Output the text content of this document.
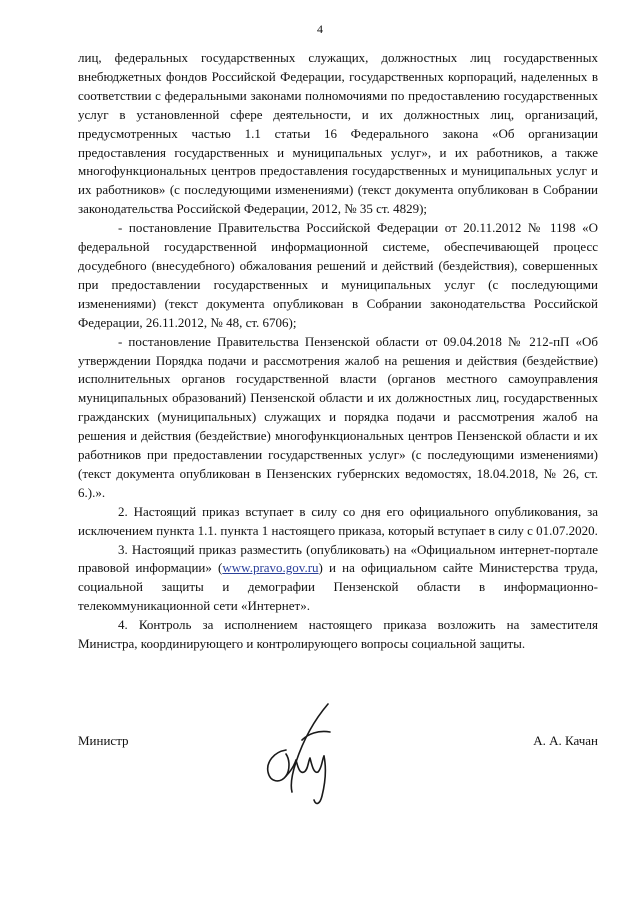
4

лиц, федеральных государственных служащих, должностных лиц государственных внебюджетных фондов Российской Федерации, государственных корпораций, наделенных в соответствии с федеральными законами полномочиями по предоставлению государственных услуг в установленной сфере деятельности, и их должностных лиц, организаций, предусмотренных частью 1.1 статьи 16 Федерального закона «Об организации предоставления государственных и муниципальных услуг», и их работников, а также многофункциональных центров предоставления государственных и муниципальных услуг и их работников» (с последующими изменениями) (текст документа опубликован в Собрании законодательства Российской Федерации, 2012, № 35 ст. 4829);

- постановление Правительства Российской Федерации от 20.11.2012 № 1198 «О федеральной государственной информационной системе, обеспечивающей процесс досудебного (внесудебного) обжалования решений и действий (бездействия), совершенных при предоставлении государственных и муниципальных услуг (с последующими изменениями) (текст документа опубликован в Собрании законодательства Российской Федерации, 26.11.2012, № 48, ст. 6706);

- постановление Правительства Пензенской области от 09.04.2018 № 212-пП «Об утверждении Порядка подачи и рассмотрения жалоб на решения и действия (бездействие) исполнительных органов государственной власти (органов местного самоуправления муниципальных образований) Пензенской области и их должностных лиц, государственных гражданских (муниципальных) служащих и порядка подачи и рассмотрения жалоб на решения и действия (бездействие) многофункциональных центров Пензенской области и их работников при предоставлении государственных услуг» (с последующими изменениями) (текст документа опубликован в Пензенских губернских ведомостях, 18.04.2018, № 26, ст. 6.).».

2. Настоящий приказ вступает в силу со дня его официального опубликования, за исключением пункта 1.1. пункта 1 настоящего приказа, который вступает в силу с 01.07.2020.

3. Настоящий приказ разместить (опубликовать) на «Официальном интернет-портале правовой информации» (www.pravo.gov.ru) и на официальном сайте Министерства труда, социальной защиты и демографии Пензенской области в информационно-телекоммуникационной сети «Интернет».

4. Контроль за исполнением настоящего приказа возложить на заместителя Министра, координирующего и контролирующего вопросы социальной защиты.

Министр	А. А. Качан
